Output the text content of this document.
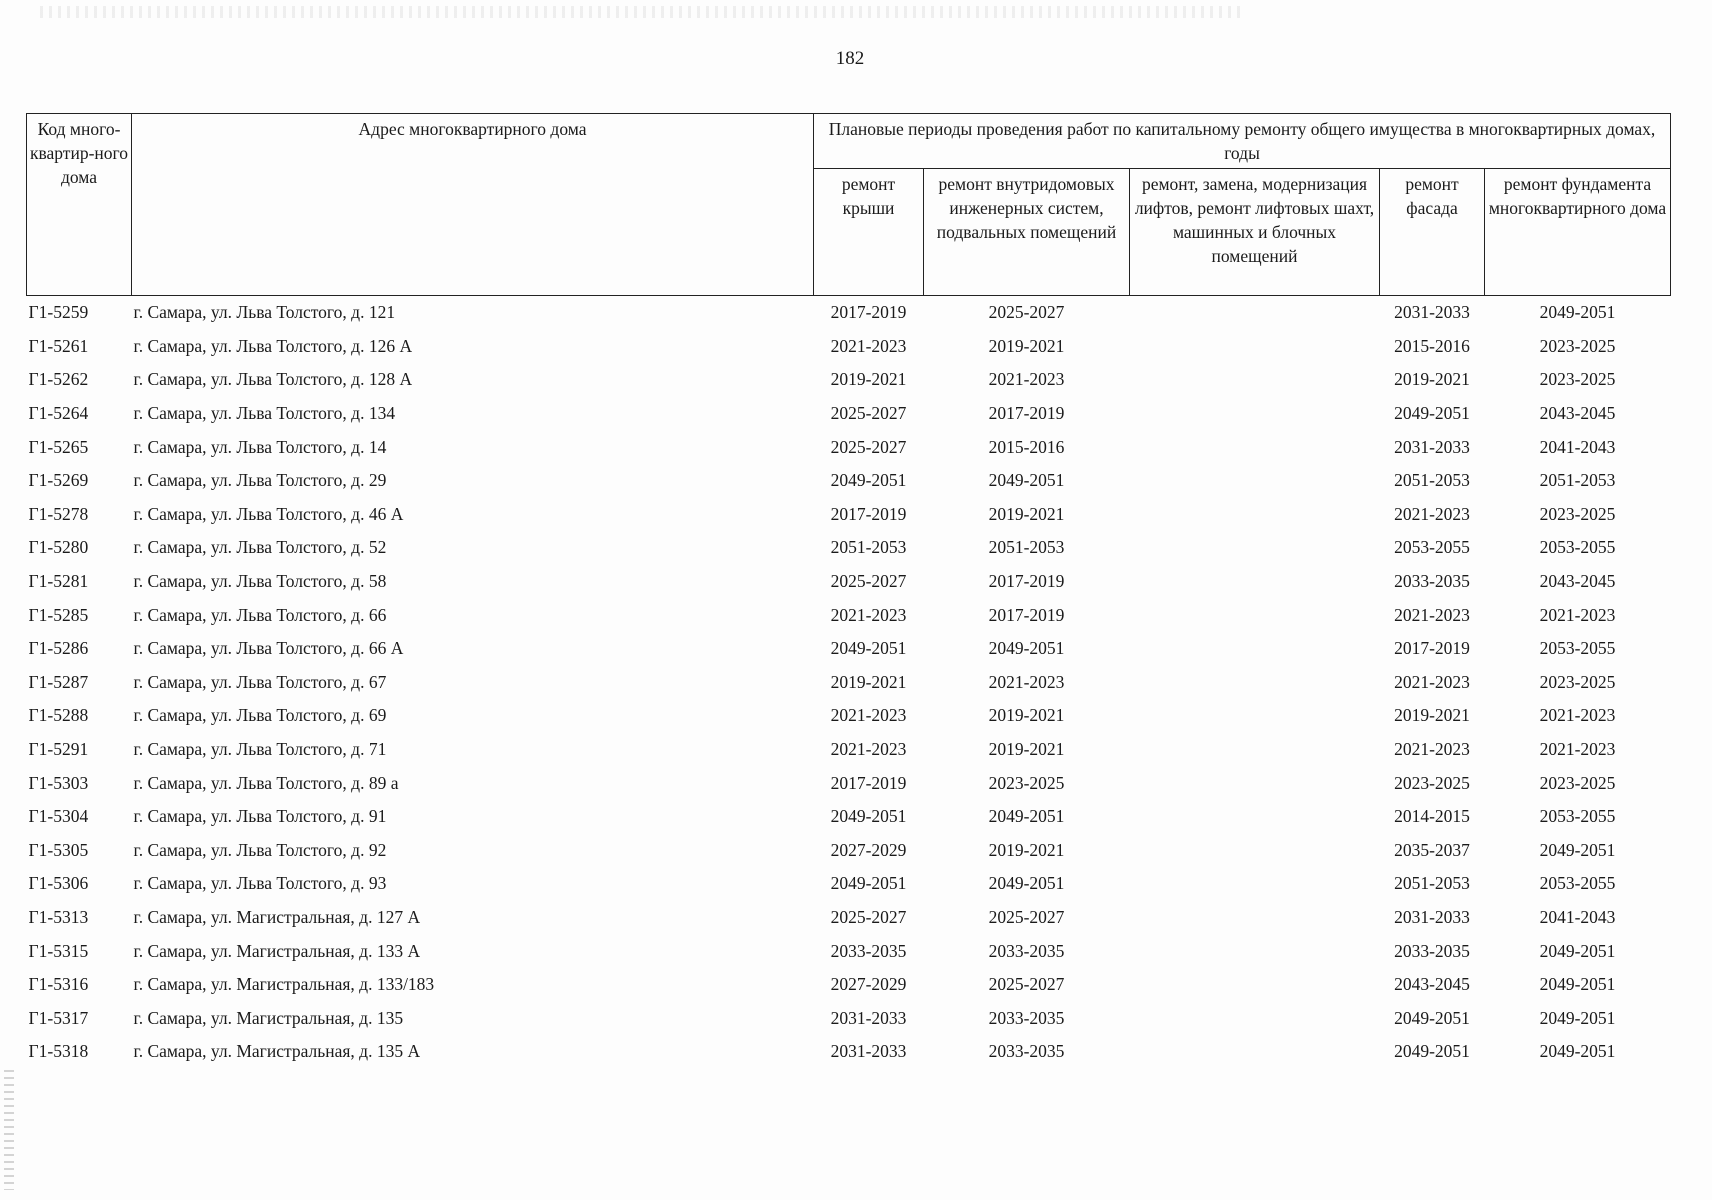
182
Код много-квартир-ного дома	Адрес многоквартирного дома	Плановые периоды проведения работ по капитальному ремонту общего имущества в многоквартирных домах, годы				
		ремонт крыши	ремонт внутридомовых инженерных систем, подвальных помещений	ремонт, замена, модернизация лифтов, ремонт лифтовых шахт, машинных и блочных помещений	ремонт фасада	ремонт фундамента многоквартирного дома
Г1-5259	г. Самара, ул. Льва Толстого, д. 121	2017-2019	2025-2027		2031-2033	2049-2051
Г1-5261	г. Самара, ул. Льва Толстого, д. 126 А	2021-2023	2019-2021		2015-2016	2023-2025
Г1-5262	г. Самара, ул. Льва Толстого, д. 128 А	2019-2021	2021-2023		2019-2021	2023-2025
Г1-5264	г. Самара, ул. Льва Толстого, д. 134	2025-2027	2017-2019		2049-2051	2043-2045
Г1-5265	г. Самара, ул. Льва Толстого, д. 14	2025-2027	2015-2016		2031-2033	2041-2043
Г1-5269	г. Самара, ул. Льва Толстого, д. 29	2049-2051	2049-2051		2051-2053	2051-2053
Г1-5278	г. Самара, ул. Льва Толстого, д. 46 А	2017-2019	2019-2021		2021-2023	2023-2025
Г1-5280	г. Самара, ул. Льва Толстого, д. 52	2051-2053	2051-2053		2053-2055	2053-2055
Г1-5281	г. Самара, ул. Льва Толстого, д. 58	2025-2027	2017-2019		2033-2035	2043-2045
Г1-5285	г. Самара, ул. Льва Толстого, д. 66	2021-2023	2017-2019		2021-2023	2021-2023
Г1-5286	г. Самара, ул. Льва Толстого, д. 66 А	2049-2051	2049-2051		2017-2019	2053-2055
Г1-5287	г. Самара, ул. Льва Толстого, д. 67	2019-2021	2021-2023		2021-2023	2023-2025
Г1-5288	г. Самара, ул. Льва Толстого, д. 69	2021-2023	2019-2021		2019-2021	2021-2023
Г1-5291	г. Самара, ул. Льва Толстого, д. 71	2021-2023	2019-2021		2021-2023	2021-2023
Г1-5303	г. Самара, ул. Льва Толстого, д. 89 а	2017-2019	2023-2025		2023-2025	2023-2025
Г1-5304	г. Самара, ул. Льва Толстого, д. 91	2049-2051	2049-2051		2014-2015	2053-2055
Г1-5305	г. Самара, ул. Льва Толстого, д. 92	2027-2029	2019-2021		2035-2037	2049-2051
Г1-5306	г. Самара, ул. Льва Толстого, д. 93	2049-2051	2049-2051		2051-2053	2053-2055
Г1-5313	г. Самара, ул. Магистральная, д. 127 А	2025-2027	2025-2027		2031-2033	2041-2043
Г1-5315	г. Самара, ул. Магистральная, д. 133 А	2033-2035	2033-2035		2033-2035	2049-2051
Г1-5316	г. Самара, ул. Магистральная, д. 133/183	2027-2029	2025-2027		2043-2045	2049-2051
Г1-5317	г. Самара, ул. Магистральная, д. 135	2031-2033	2033-2035		2049-2051	2049-2051
Г1-5318	г. Самара, ул. Магистральная, д. 135 А	2031-2033	2033-2035		2049-2051	2049-2051
